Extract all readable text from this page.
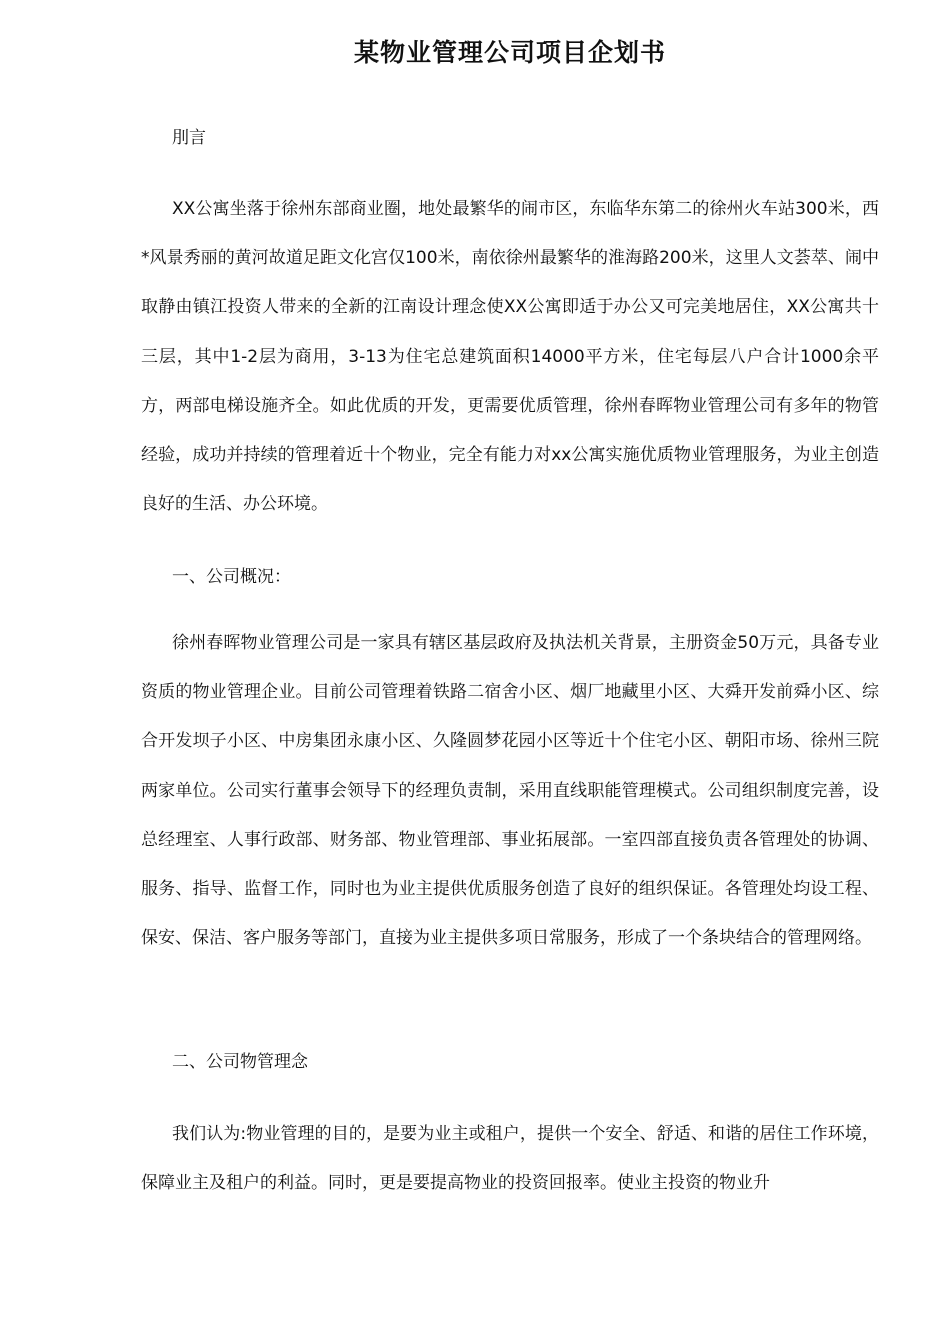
某物业管理公司项目企划书
刖言
XX公寓坐落于徐州东部商业圈，地处最繁华的闹市区，东临华东第二的徐州火车站300米，西*风景秀丽的黄河故道足距文化宫仅100米，南依徐州最繁华的淮海路200米，这里人文荟萃、闹中取静由镇江投资人带来的全新的江南设计理念使XX公寓即适于办公又可完美地居住，XX公寓共十三层，其中1-2层为商用，3-13为住宅总建筑面积14000平方米，住宅每层八户合计1000余平方，两部电梯设施齐全。如此优质的开发，更需要优质管理，徐州春晖物业管理公司有多年的物管经验，成功并持续的管理着近十个物业，完全有能力对xx公寓实施优质物业管理服务，为业主创造良好的生活、办公环境。
一、公司概况：
徐州春晖物业管理公司是一家具有辖区基层政府及执法机关背景，主册资金50万元，具备专业资质的物业管理企业。目前公司管理着铁路二宿舍小区、烟厂地藏里小区、大舜开发前舜小区、综合开发坝子小区、中房集团永康小区、久隆圆梦花园小区等近十个住宅小区、朝阳市场、徐州三院两家单位。公司实行董事会领导下的经理负责制，采用直线职能管理模式。公司组织制度完善，设总经理室、人事行政部、财务部、物业管理部、事业拓展部。一室四部直接负责各管理处的协调、服务、指导、监督工作，同时也为业主提供优质服务创造了良好的组织保证。各管理处均设工程、保安、保洁、客户服务等部门，直接为业主提供多项日常服务，形成了一个条块结合的管理网络。
二、公司物管理念
我们认为:物业管理的目的，是要为业主或租户，提供一个安全、舒适、和谐的居住工作环境，保障业主及租户的利益。同时，更是要提高物业的投资回报率。使业主投资的物业升
